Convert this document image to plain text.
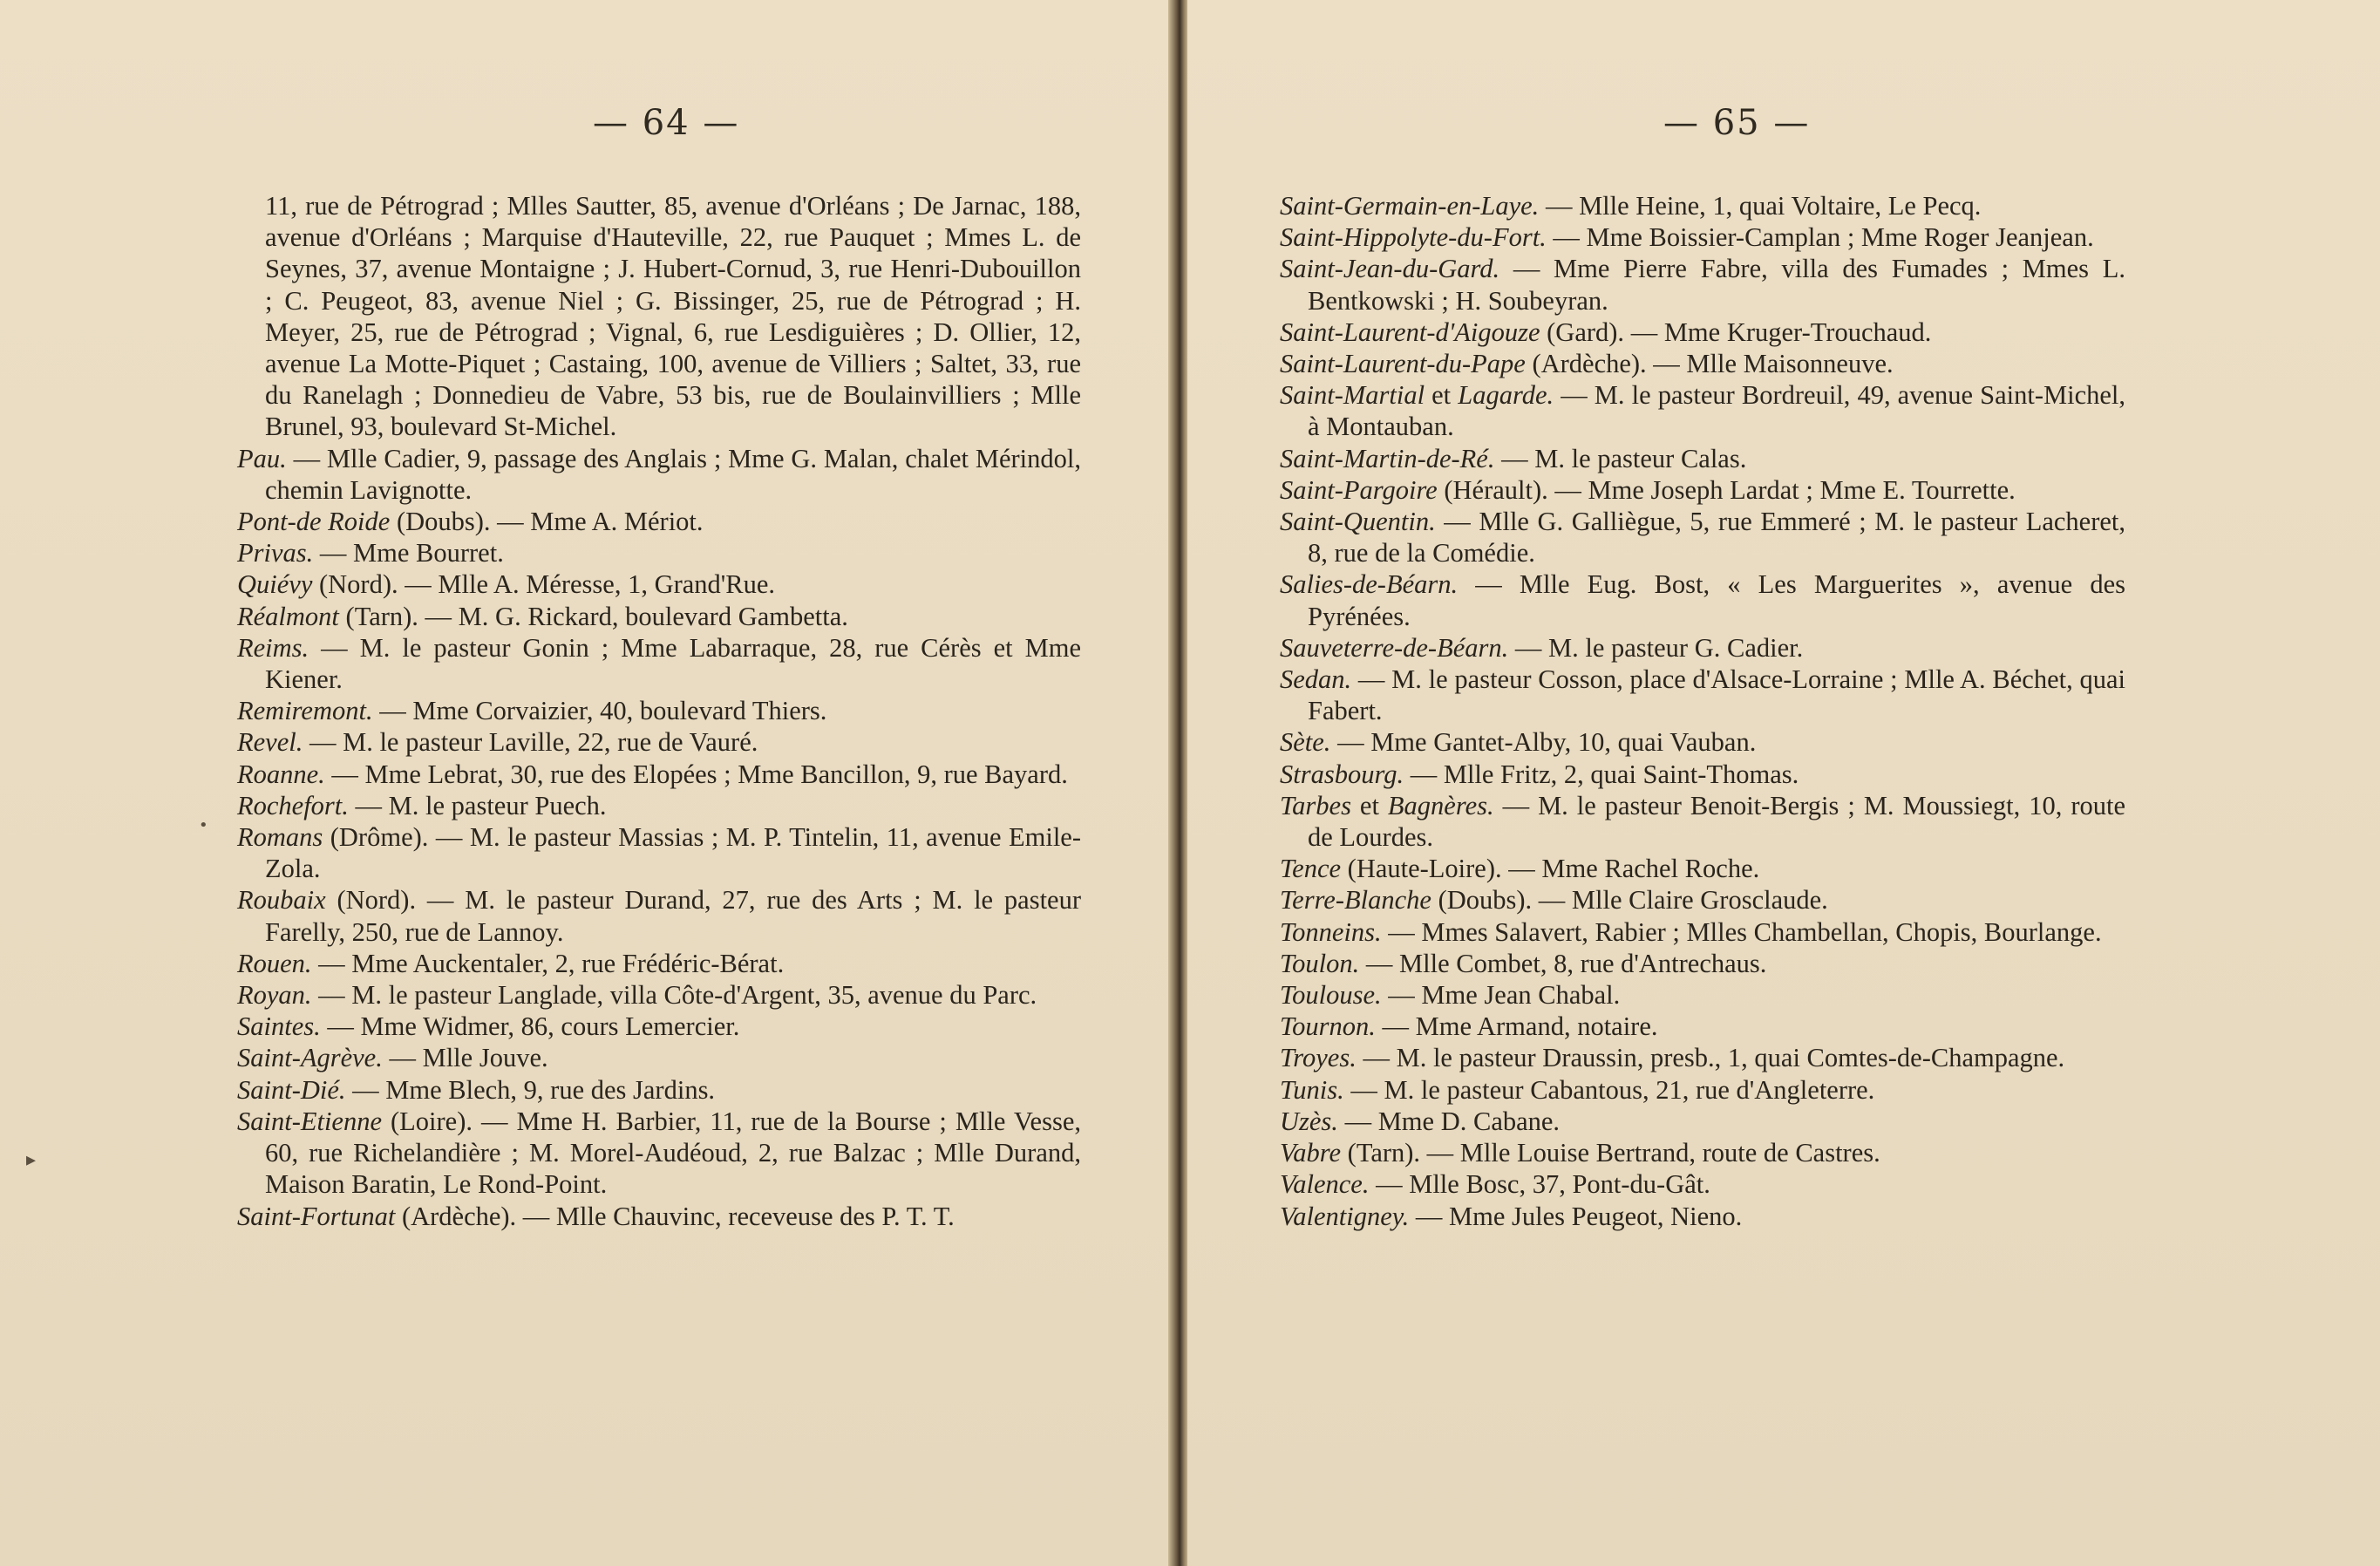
— 64 —

11, rue de Pétrograd ; Mlles Sautter, 85, avenue d'Orléans ; De Jarnac, 188, avenue d'Orléans ; Marquise d'Hauteville, 22, rue Pauquet ; Mmes L. de Seynes, 37, avenue Montaigne ; J. Hubert-Cornud, 3, rue Henri-Dubouillon ; C. Peugeot, 83, avenue Niel ; G. Bissinger, 25, rue de Pétrograd ; H. Meyer, 25, rue de Pétrograd ; Vignal, 6, rue Lesdiguières ; D. Ollier, 12, avenue La Motte-Piquet ; Castaing, 100, avenue de Villiers ; Saltet, 33, rue du Ranelagh ; Donnedieu de Vabre, 53 bis, rue de Boulainvilliers ; Mlle Brunel, 93, boulevard St-Michel.

Pau. — Mlle Cadier, 9, passage des Anglais ; Mme G. Malan, chalet Mérindol, chemin Lavignotte.

Pont-de Roide (Doubs). — Mme A. Mériot.

Privas. — Mme Bourret.

Quiévy (Nord). — Mlle A. Méresse, 1, Grand'Rue.

Réalmont (Tarn). — M. G. Rickard, boulevard Gambetta.

Reims. — M. le pasteur Gonin ; Mme Labarraque, 28, rue Cérès et Mme Kiener.

Remiremont. — Mme Corvaizier, 40, boulevard Thiers.

Revel. — M. le pasteur Laville, 22, rue de Vauré.

Roanne. — Mme Lebrat, 30, rue des Elopées ; Mme Bancillon, 9, rue Bayard.

Rochefort. — M. le pasteur Puech.

Romans (Drôme). — M. le pasteur Massias ; M. P. Tintelin, 11, avenue Emile-Zola.

Roubaix (Nord). — M. le pasteur Durand, 27, rue des Arts ; M. le pasteur Farelly, 250, rue de Lannoy.

Rouen. — Mme Auckentaler, 2, rue Frédéric-Bérat.

Royan. — M. le pasteur Langlade, villa Côte-d'Argent, 35, avenue du Parc.

Saintes. — Mme Widmer, 86, cours Lemercier.

Saint-Agrève. — Mlle Jouve.

Saint-Dié. — Mme Blech, 9, rue des Jardins.

Saint-Etienne (Loire). — Mme H. Barbier, 11, rue de la Bourse ; Mlle Vesse, 60, rue Richelandière ; M. Morel-Audéoud, 2, rue Balzac ; Mlle Durand, Maison Baratin, Le Rond-Point.

Saint-Fortunat (Ardèche). — Mlle Chauvinc, receveuse des P. T. T.

•
▸
— 65 —

Saint-Germain-en-Laye. — Mlle Heine, 1, quai Voltaire, Le Pecq.

Saint-Hippolyte-du-Fort. — Mme Boissier-Camplan ; Mme Roger Jeanjean.

Saint-Jean-du-Gard. — Mme Pierre Fabre, villa des Fumades ; Mmes L. Bentkowski ; H. Soubeyran.

Saint-Laurent-d'Aigouze (Gard). — Mme Kruger-Trouchaud.

Saint-Laurent-du-Pape (Ardèche). — Mlle Maisonneuve.

Saint-Martial et Lagarde. — M. le pasteur Bordreuil, 49, avenue Saint-Michel, à Montauban.

Saint-Martin-de-Ré. — M. le pasteur Calas.

Saint-Pargoire (Hérault). — Mme Joseph Lardat ; Mme E. Tourrette.

Saint-Quentin. — Mlle G. Galliègue, 5, rue Emmeré ; M. le pasteur Lacheret, 8, rue de la Comédie.

Salies-de-Béarn. — Mlle Eug. Bost, « Les Marguerites », avenue des Pyrénées.

Sauveterre-de-Béarn. — M. le pasteur G. Cadier.

Sedan. — M. le pasteur Cosson, place d'Alsace-Lorraine ; Mlle A. Béchet, quai Fabert.

Sète. — Mme Gantet-Alby, 10, quai Vauban.

Strasbourg. — Mlle Fritz, 2, quai Saint-Thomas.

Tarbes et Bagnères. — M. le pasteur Benoit-Bergis ; M. Moussiegt, 10, route de Lourdes.

Tence (Haute-Loire). — Mme Rachel Roche.

Terre-Blanche (Doubs). — Mlle Claire Grosclaude.

Tonneins. — Mmes Salavert, Rabier ; Mlles Chambellan, Chopis, Bourlange.

Toulon. — Mlle Combet, 8, rue d'Antrechaus.

Toulouse. — Mme Jean Chabal.

Tournon. — Mme Armand, notaire.

Troyes. — M. le pasteur Draussin, presb., 1, quai Comtes-de-Champagne.

Tunis. — M. le pasteur Cabantous, 21, rue d'Angleterre.

Uzès. — Mme D. Cabane.

Vabre (Tarn). — Mlle Louise Bertrand, route de Castres.

Valence. — Mlle Bosc, 37, Pont-du-Gât.

Valentigney. — Mme Jules Peugeot, Nieno.
